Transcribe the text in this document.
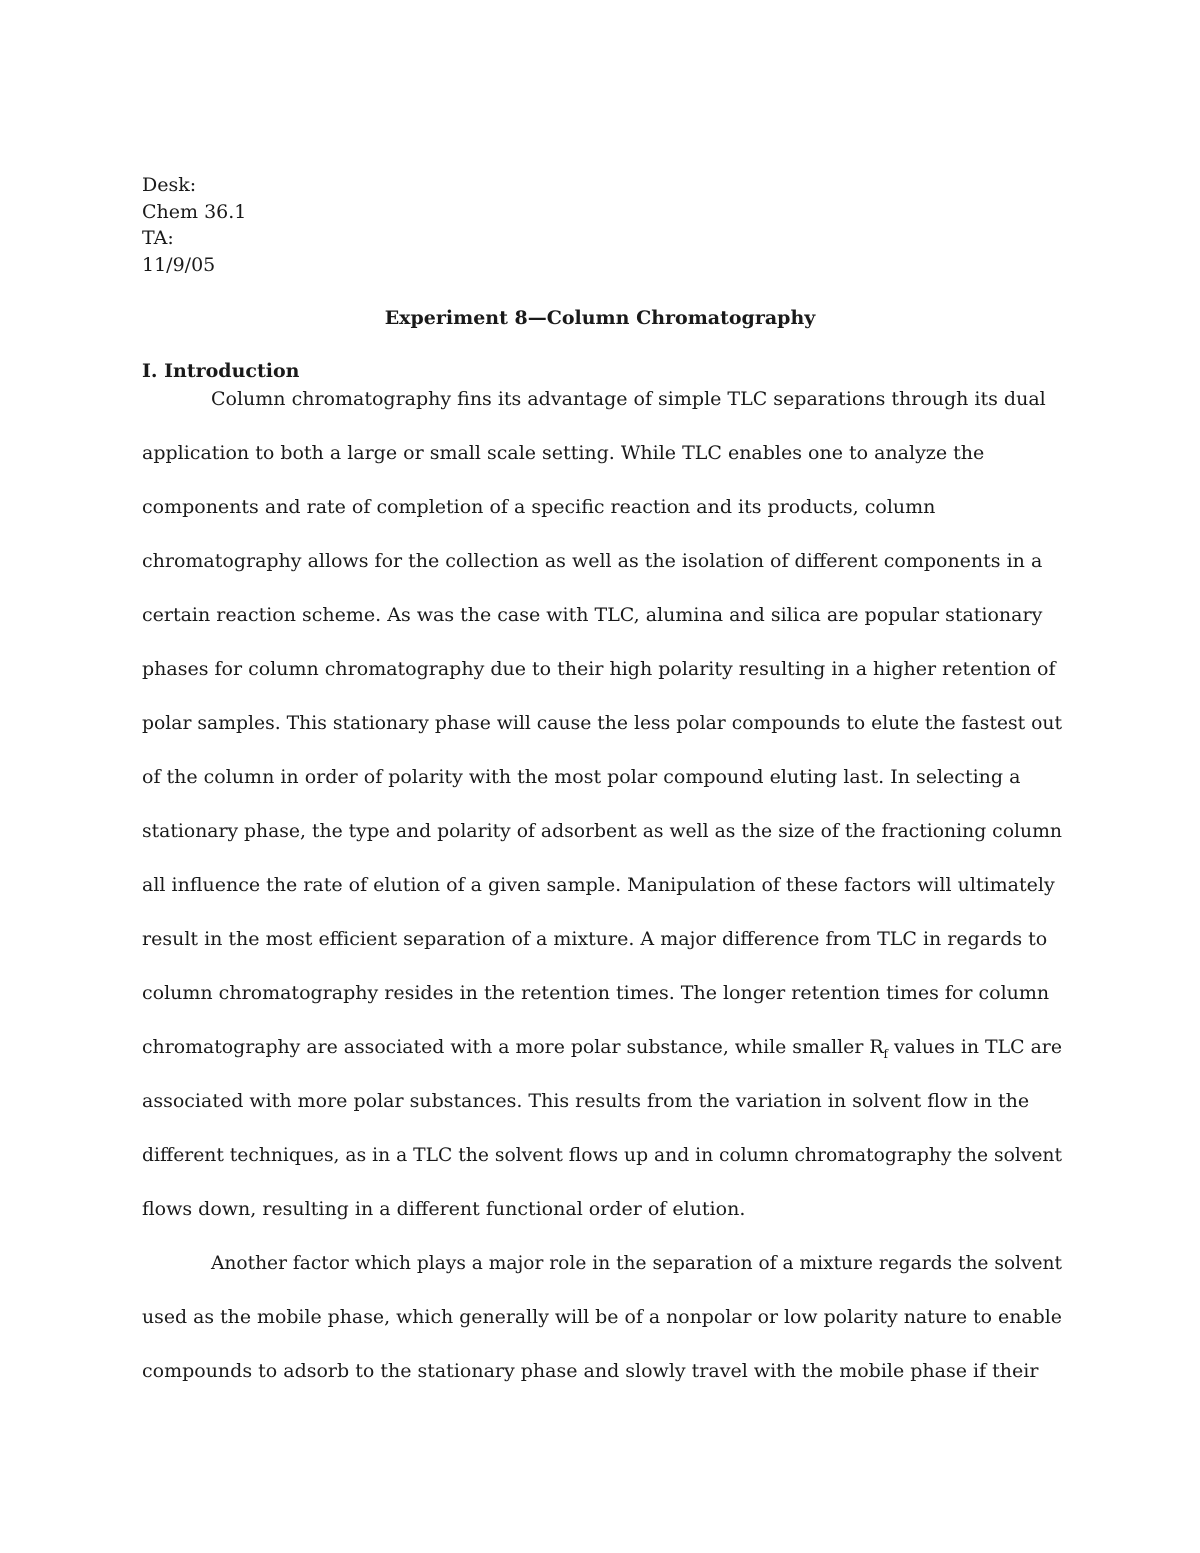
Desk:
Chem 36.1
TA:
11/9/05
Experiment 8—Column Chromatography
I. Introduction
Column chromatography fins its advantage of simple TLC separations through its dual
application to both a large or small scale setting. While TLC enables one to analyze the
components and rate of completion of a specific reaction and its products, column
chromatography allows for the collection as well as the isolation of different components in a
certain reaction scheme. As was the case with TLC, alumina and silica are popular stationary
phases for column chromatography due to their high polarity resulting in a higher retention of
polar samples. This stationary phase will cause the less polar compounds to elute the fastest out
of the column in order of polarity with the most polar compound eluting last. In selecting a
stationary phase, the type and polarity of adsorbent as well as the size of the fractioning column
all influence the rate of elution of a given sample. Manipulation of these factors will ultimately
result in the most efficient separation of a mixture. A major difference from TLC in regards to
column chromatography resides in the retention times. The longer retention times for column
chromatography are associated with a more polar substance, while smaller $R_f$ values in TLC are
associated with more polar substances. This results from the variation in solvent flow in the
different techniques, as in a TLC the solvent flows up and in column chromatography the solvent
flows down, resulting in a different functional order of elution.
Another factor which plays a major role in the separation of a mixture regards the solvent
used as the mobile phase, which generally will be of a nonpolar or low polarity nature to enable
compounds to adsorb to the stationary phase and slowly travel with the mobile phase if their
